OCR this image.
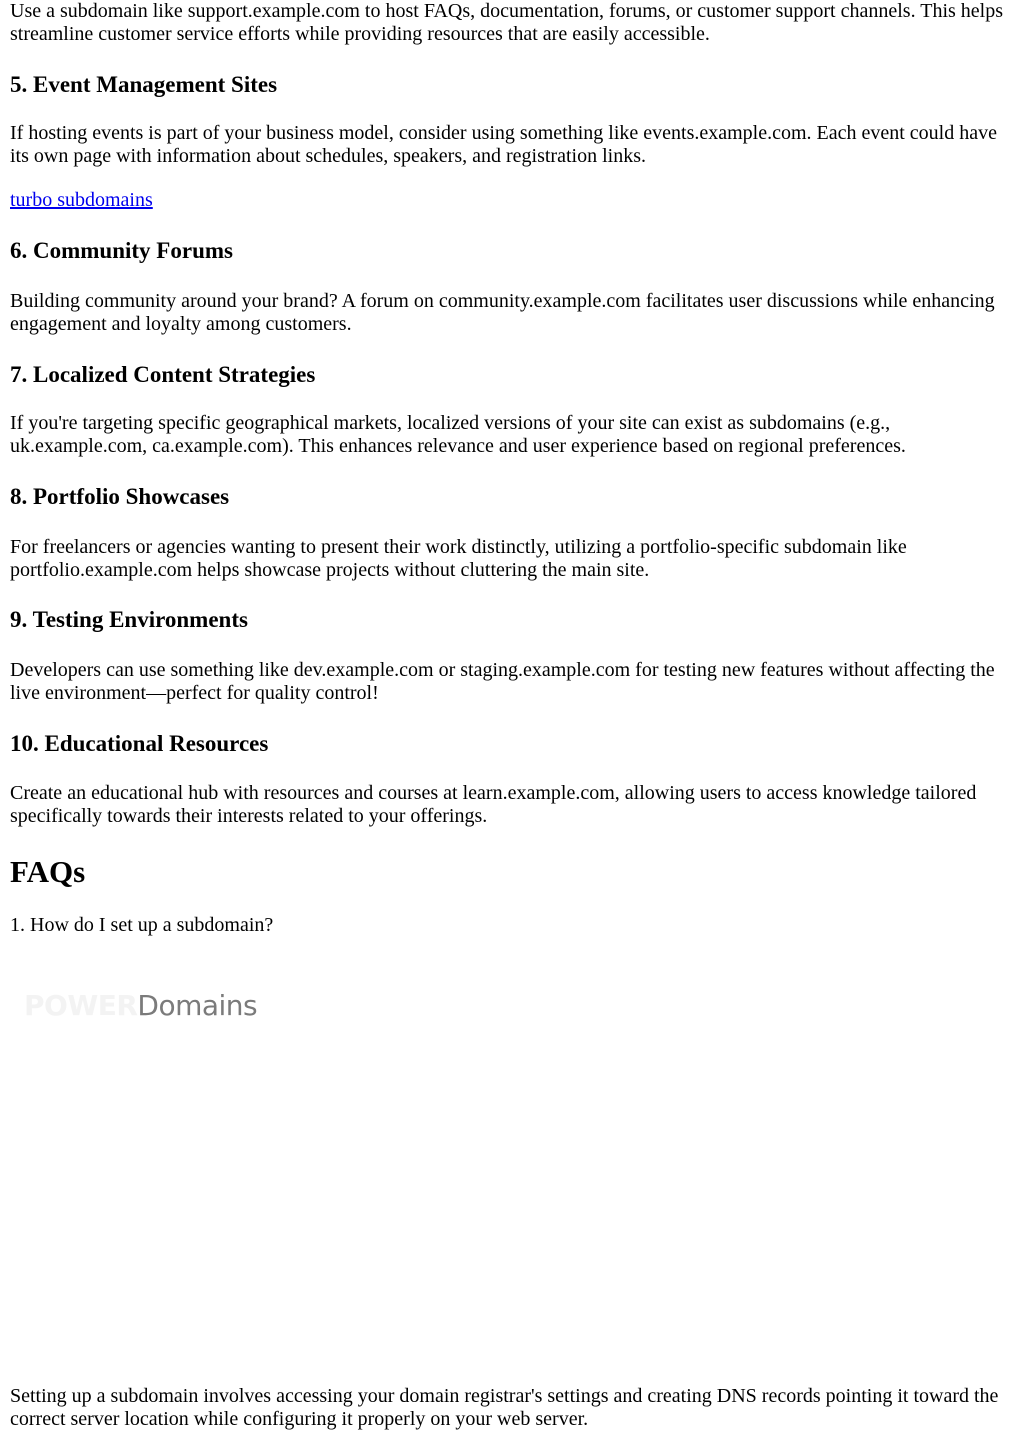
Use a subdomain like support.example.com to host FAQs, documentation, forums, or customer support channels. This helps streamline customer service efforts while providing resources that are easily accessible.

5. Event Management Sites

If hosting events is part of your business model, consider using something like events.example.com. Each event could have its own page with information about schedules, speakers, and registration links.

turbo subdomains

6. Community Forums

Building community around your brand? A forum on community.example.com facilitates user discussions while enhancing engagement and loyalty among customers.

7. Localized Content Strategies

If you're targeting specific geographical markets, localized versions of your site can exist as subdomains (e.g., uk.example.com, ca.example.com). This enhances relevance and user experience based on regional preferences.

8. Portfolio Showcases

For freelancers or agencies wanting to present their work distinctly, utilizing a portfolio-specific subdomain like portfolio.example.com helps showcase projects without cluttering the main site.

9. Testing Environments

Developers can use something like dev.example.com or staging.example.com for testing new features without affecting the live environment—perfect for quality control!

10. Educational Resources

Create an educational hub with resources and courses at learn.example.com, allowing users to access knowledge tailored specifically towards their interests related to your offerings.

FAQs

1. How do I set up a subdomain?

Setting up a subdomain involves accessing your domain registrar's settings and creating DNS records pointing it toward the correct server location while configuring it properly on your web server.

POWERDomains
